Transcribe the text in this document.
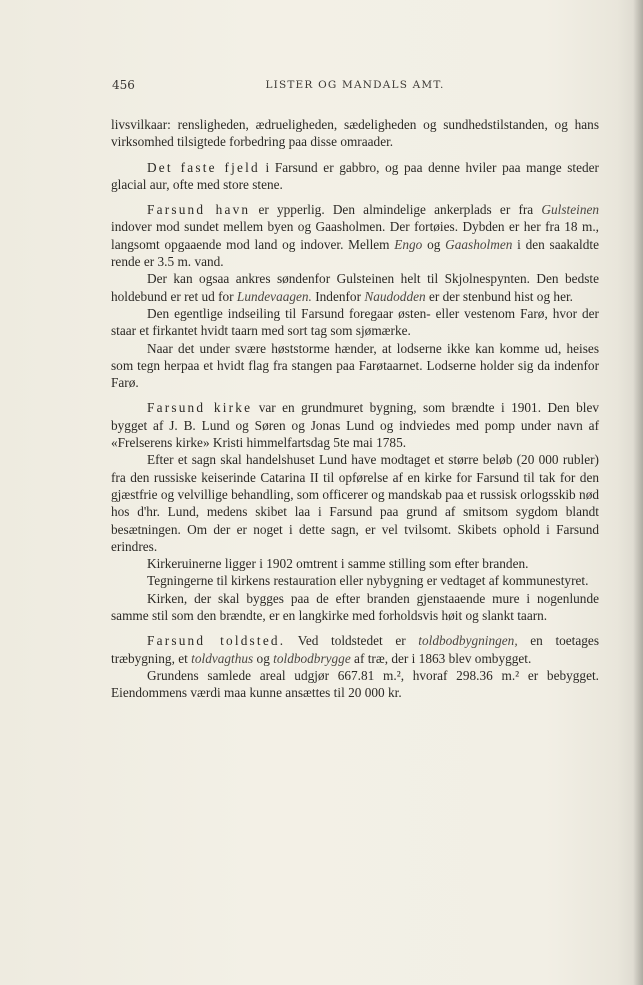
456	LISTER OG MANDALS AMT.

livsvilkaar: rensligheden, ædrueligheden, sædeligheden og sundhedstilstanden, og hans virksomhed tilsigtede forbedring paa disse omraader.

Det faste fjeld i Farsund er gabbro, og paa denne hviler paa mange steder glacial aur, ofte med store stene.

Farsund havn er ypperlig. Den almindelige ankerplads er fra Gulsteinen indover mod sundet mellem byen og Gaasholmen. Der fortøies. Dybden er her fra 18 m., langsomt opgaaende mod land og indover. Mellem Engo og Gaasholmen i den saakaldte rende er 3.5 m. vand.

Der kan ogsaa ankres søndenfor Gulsteinen helt til Skjolnespynten. Den bedste holdebund er ret ud for Lundevaagen. Indenfor Naudodden er der stenbund hist og her.

Den egentlige indseiling til Farsund foregaar østen- eller vestenom Farø, hvor der staar et firkantet hvidt taarn med sort tag som sjømærke.

Naar det under svære høststorme hænder, at lodserne ikke kan komme ud, heises som tegn herpaa et hvidt flag fra stangen paa Farøtaarnet. Lodserne holder sig da indenfor Farø.

Farsund kirke var en grundmuret bygning, som brændte i 1901. Den blev bygget af J. B. Lund og Søren og Jonas Lund og indviedes med pomp under navn af «Frelserens kirke» Kristi himmelfartsdag 5te mai 1785.

Efter et sagn skal handelshuset Lund have modtaget et større beløb (20 000 rubler) fra den russiske keiserinde Catarina II til opførelse af en kirke for Farsund til tak for den gjæstfrie og velvillige behandling, som officerer og mandskab paa et russisk orlogsskib nød hos d'hr. Lund, medens skibet laa i Farsund paa grund af smitsom sygdom blandt besætningen. Om der er noget i dette sagn, er vel tvilsomt. Skibets ophold i Farsund erindres.

Kirkeruinerne ligger i 1902 omtrent i samme stilling som efter branden.

Tegningerne til kirkens restauration eller nybygning er vedtaget af kommunestyret.

Kirken, der skal bygges paa de efter branden gjenstaaende mure i nogenlunde samme stil som den brændte, er en langkirke med forholdsvis høit og slankt taarn.

Farsund toldsted. Ved toldstedet er toldbodbygningen, en toetages træbygning, et toldvagthus og toldbodbrygge af træ, der i 1863 blev ombygget.

Grundens samlede areal udgjør 667.81 m.², hvoraf 298.36 m.² er bebygget. Eiendommens værdi maa kunne ansættes til 20 000 kr.
